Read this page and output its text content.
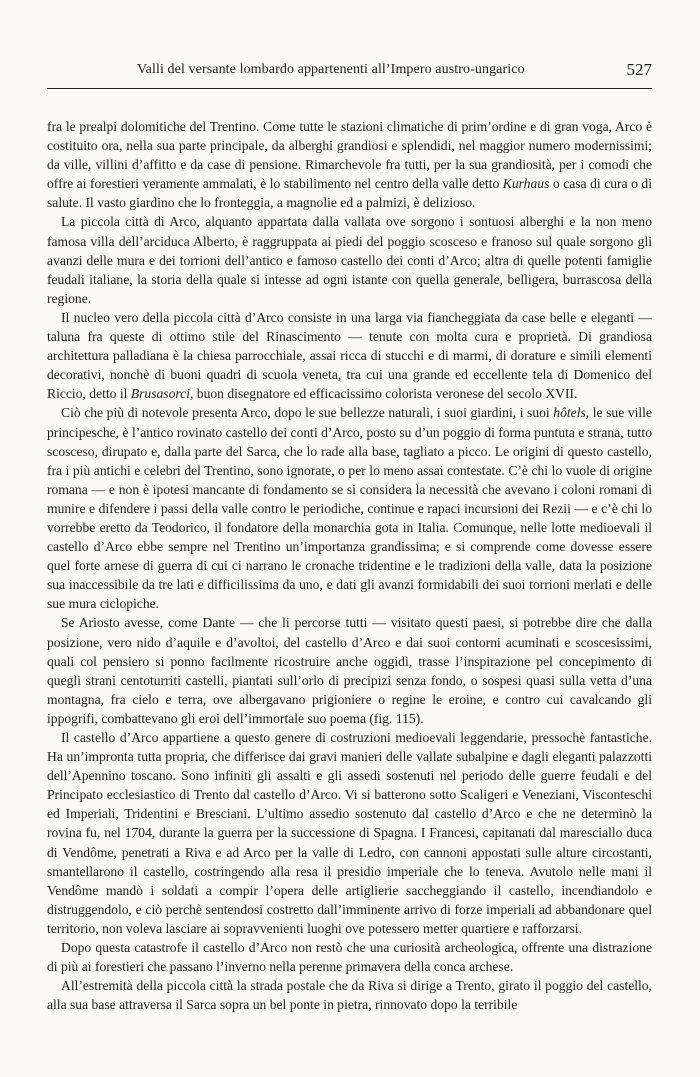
Valli del versante lombardo appartenenti all’Impero austro-ungarico	527

fra le prealpi dolomitiche del Trentino. Come tutte le stazioni climatiche di prim’ordine e di gran voga, Arco è costituito ora, nella sua parte principale, da alberghi grandiosi e splendidi, nel maggior numero modernissimi; da ville, villini d’affitto e da case di pensione. Rimarchevole fra tutti, per la sua grandiosità, per i comodi che offre ai forestieri veramente ammalati, è lo stabilimento nel centro della valle detto Kurhaus o casa di cura o di salute. Il vasto giardino che lo fronteggia, a magnolie ed a palmizi, è delizioso.

La piccola città di Arco, alquanto appartata dalla vallata ove sorgono i sontuosi alberghi e la non meno famosa villa dell’arciduca Alberto, è raggruppata ai piedi del poggio scosceso e franoso sul quale sorgono gli avanzi delle mura e dei torrioni dell’antico e famoso castello dei conti d’Arco; altra di quelle potenti famiglie feudali italiane, la storia della quale si intesse ad ogni istante con quella generale, belligera, burrascosa della regione.

Il nucleo vero della piccola città d’Arco consiste in una larga via fiancheggiata da case belle e eleganti — taluna fra queste di ottimo stile del Rinascimento — tenute con molta cura e proprietà. Di grandiosa architettura palladiana è la chiesa parrocchiale, assai ricca di stucchi e di marmi, di dorature e simili elementi decorativi, nonchè di buoni quadri di scuola veneta, tra cui una grande ed eccellente tela di Domenico del Riccio, detto il Brusasorci, buon disegnatore ed efficacissimo colorista veronese del secolo XVII.

Ciò che più di notevole presenta Arco, dopo le sue bellezze naturali, i suoi giardini, i suoi hôtels, le sue ville principesche, è l’antico rovinato castello dei conti d’Arco, posto su d’un poggio di forma puntuta e strana, tutto scosceso, dirupato e, dalla parte del Sarca, che lo rade alla base, tagliato a picco. Le origini di questo castello, fra i più antichi e celebri del Trentino, sono ignorate, o per lo meno assai contestate. C’è chi lo vuole di origine romana — e non è ipotesi mancante di fondamento se si considera la necessità che avevano i coloni romani di munire e difendere i passi della valle contro le periodiche, continue e rapaci incursioni dei Rezii — e c’è chi lo vorrebbe eretto da Teodorico, il fondatore della monarchia gota in Italia. Comunque, nelle lotte medioevali il castello d’Arco ebbe sempre nel Trentino un’importanza grandissima; e si comprende come dovesse essere quel forte arnese di guerra di cui ci narrano le cronache tridentine e le tradizioni della valle, data la posizione sua inaccessibile da tre lati e difficilissima da uno, e dati gli avanzi formidabili dei suoi torrioni merlati e delle sue mura ciclopiche.

Se Ariosto avesse, come Dante — che li percorse tutti — visitato questi paesi, si potrebbe dire che dalla posizione, vero nido d’aquile e d’avoltoi, del castello d’Arco e dai suoi contorni acuminati e scoscesissimi, quali col pensiero si ponno facilmente ricostruire anche oggidì, trasse l’inspirazione pel concepimento di quegli strani centoturriti castelli, piantati sull’orlo di precipizi senza fondo, o sospesi quasi sulla vetta d’una montagna, fra cielo e terra, ove albergavano prigioniere o regine le eroine, e contro cui cavalcando gli ippogrifi, combattevano gli eroi dell’immortale suo poema (fig. 115).

Il castello d’Arco appartiene a questo genere di costruzioni medioevali leggendarie, pressochè fantastiche. Ha un’impronta tutta propria, che differisce dai gravi manieri delle vallate subalpine e dagli eleganti palazzotti dell’Apennino toscano. Sono infiniti gli assalti e gli assedi sostenuti nel periodo delle guerre feudali e del Principato ecclesiastico di Trento dal castello d’Arco. Vi si batterono sotto Scaligeri e Veneziani, Visconteschi ed Imperiali, Tridentini e Bresciani. L’ultimo assedio sostenuto dal castello d’Arco e che ne determinò la rovina fu, nel 1704, durante la guerra per la successione di Spagna. I Francesi, capitanati dal maresciallo duca di Vendôme, penetrati a Riva e ad Arco per la valle di Ledro, con cannoni appostati sulle alture circostanti, smantellarono il castello, costringendo alla resa il presidio imperiale che lo teneva. Avutolo nelle mani il Vendôme mandò i soldati a compir l’opera delle artiglierie saccheggiando il castello, incendiandolo e distruggendolo, e ciò perchè sentendosi costretto dall’imminente arrivo di forze imperiali ad abbandonare quel territorio, non voleva lasciare ai sopravvenienti luoghi ove potessero metter quartiere e rafforzarsi.

Dopo questa catastrofe il castello d’Arco non restò che una curiosità archeologica, offrente una distrazione di più ai forestieri che passano l’inverno nella perenne primavera della conca archese.

All’estremità della piccola città la strada postale che da Riva si dirige a Trento, girato il poggio del castello, alla sua base attraversa il Sarca sopra un bel ponte in pietra, rinnovato dopo la terribile
